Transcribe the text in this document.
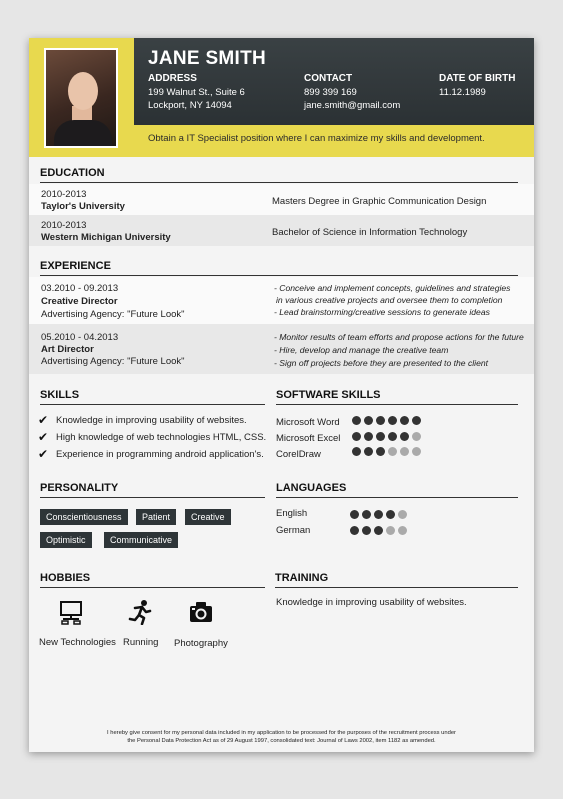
JANE SMITH
ADDRESS
199 Walnut St., Suite 6
Lockport, NY 14094
CONTACT
899 399 169
jane.smith@gmail.com
DATE OF BIRTH
11.12.1989
Obtain a IT Specialist position where I can maximize my skills and development.
EDUCATION
2010-2013
Taylor's University	Masters Degree in Graphic Communication Design
2010-2013
Western Michigan University	Bachelor of Science in Information Technology
EXPERIENCE
03.2010 - 09.2013
Creative Director
Advertising Agency: "Future Look"
- Conceive and implement concepts, guidelines and strategies
in various creative projects and oversee them to completion
- Lead brainstorming/creative sessions to generate ideas
05.2010 - 04.2013
Art Director
Advertising Agency: "Future Look"
- Monitor results of team efforts and propose actions for the future
- Hire, develop and manage the creative team
- Sign off projects before they are presented to the client
SKILLS
✔ Knowledge in improving usability of websites.
✔ High knowledge of web technologies HTML, CSS.
✔ Experience in programming android application's.
SOFTWARE SKILLS
Microsoft Word
Microsoft Excel
CorelDraw
PERSONALITY
Conscientiousness	Patient	Creative
Optimistic	Communicative
LANGUAGES
English
German
HOBBIES
New Technologies Running Photography
TRAINING
Knowledge in improving usability of websites.
I hereby give consent for my personal data included in my application to be processed for the purposes of the recruitment process under
the Personal Data Protection Act as of 29 August 1997, consolidated text: Journal of Laws 2002, item 1182 as amended.
